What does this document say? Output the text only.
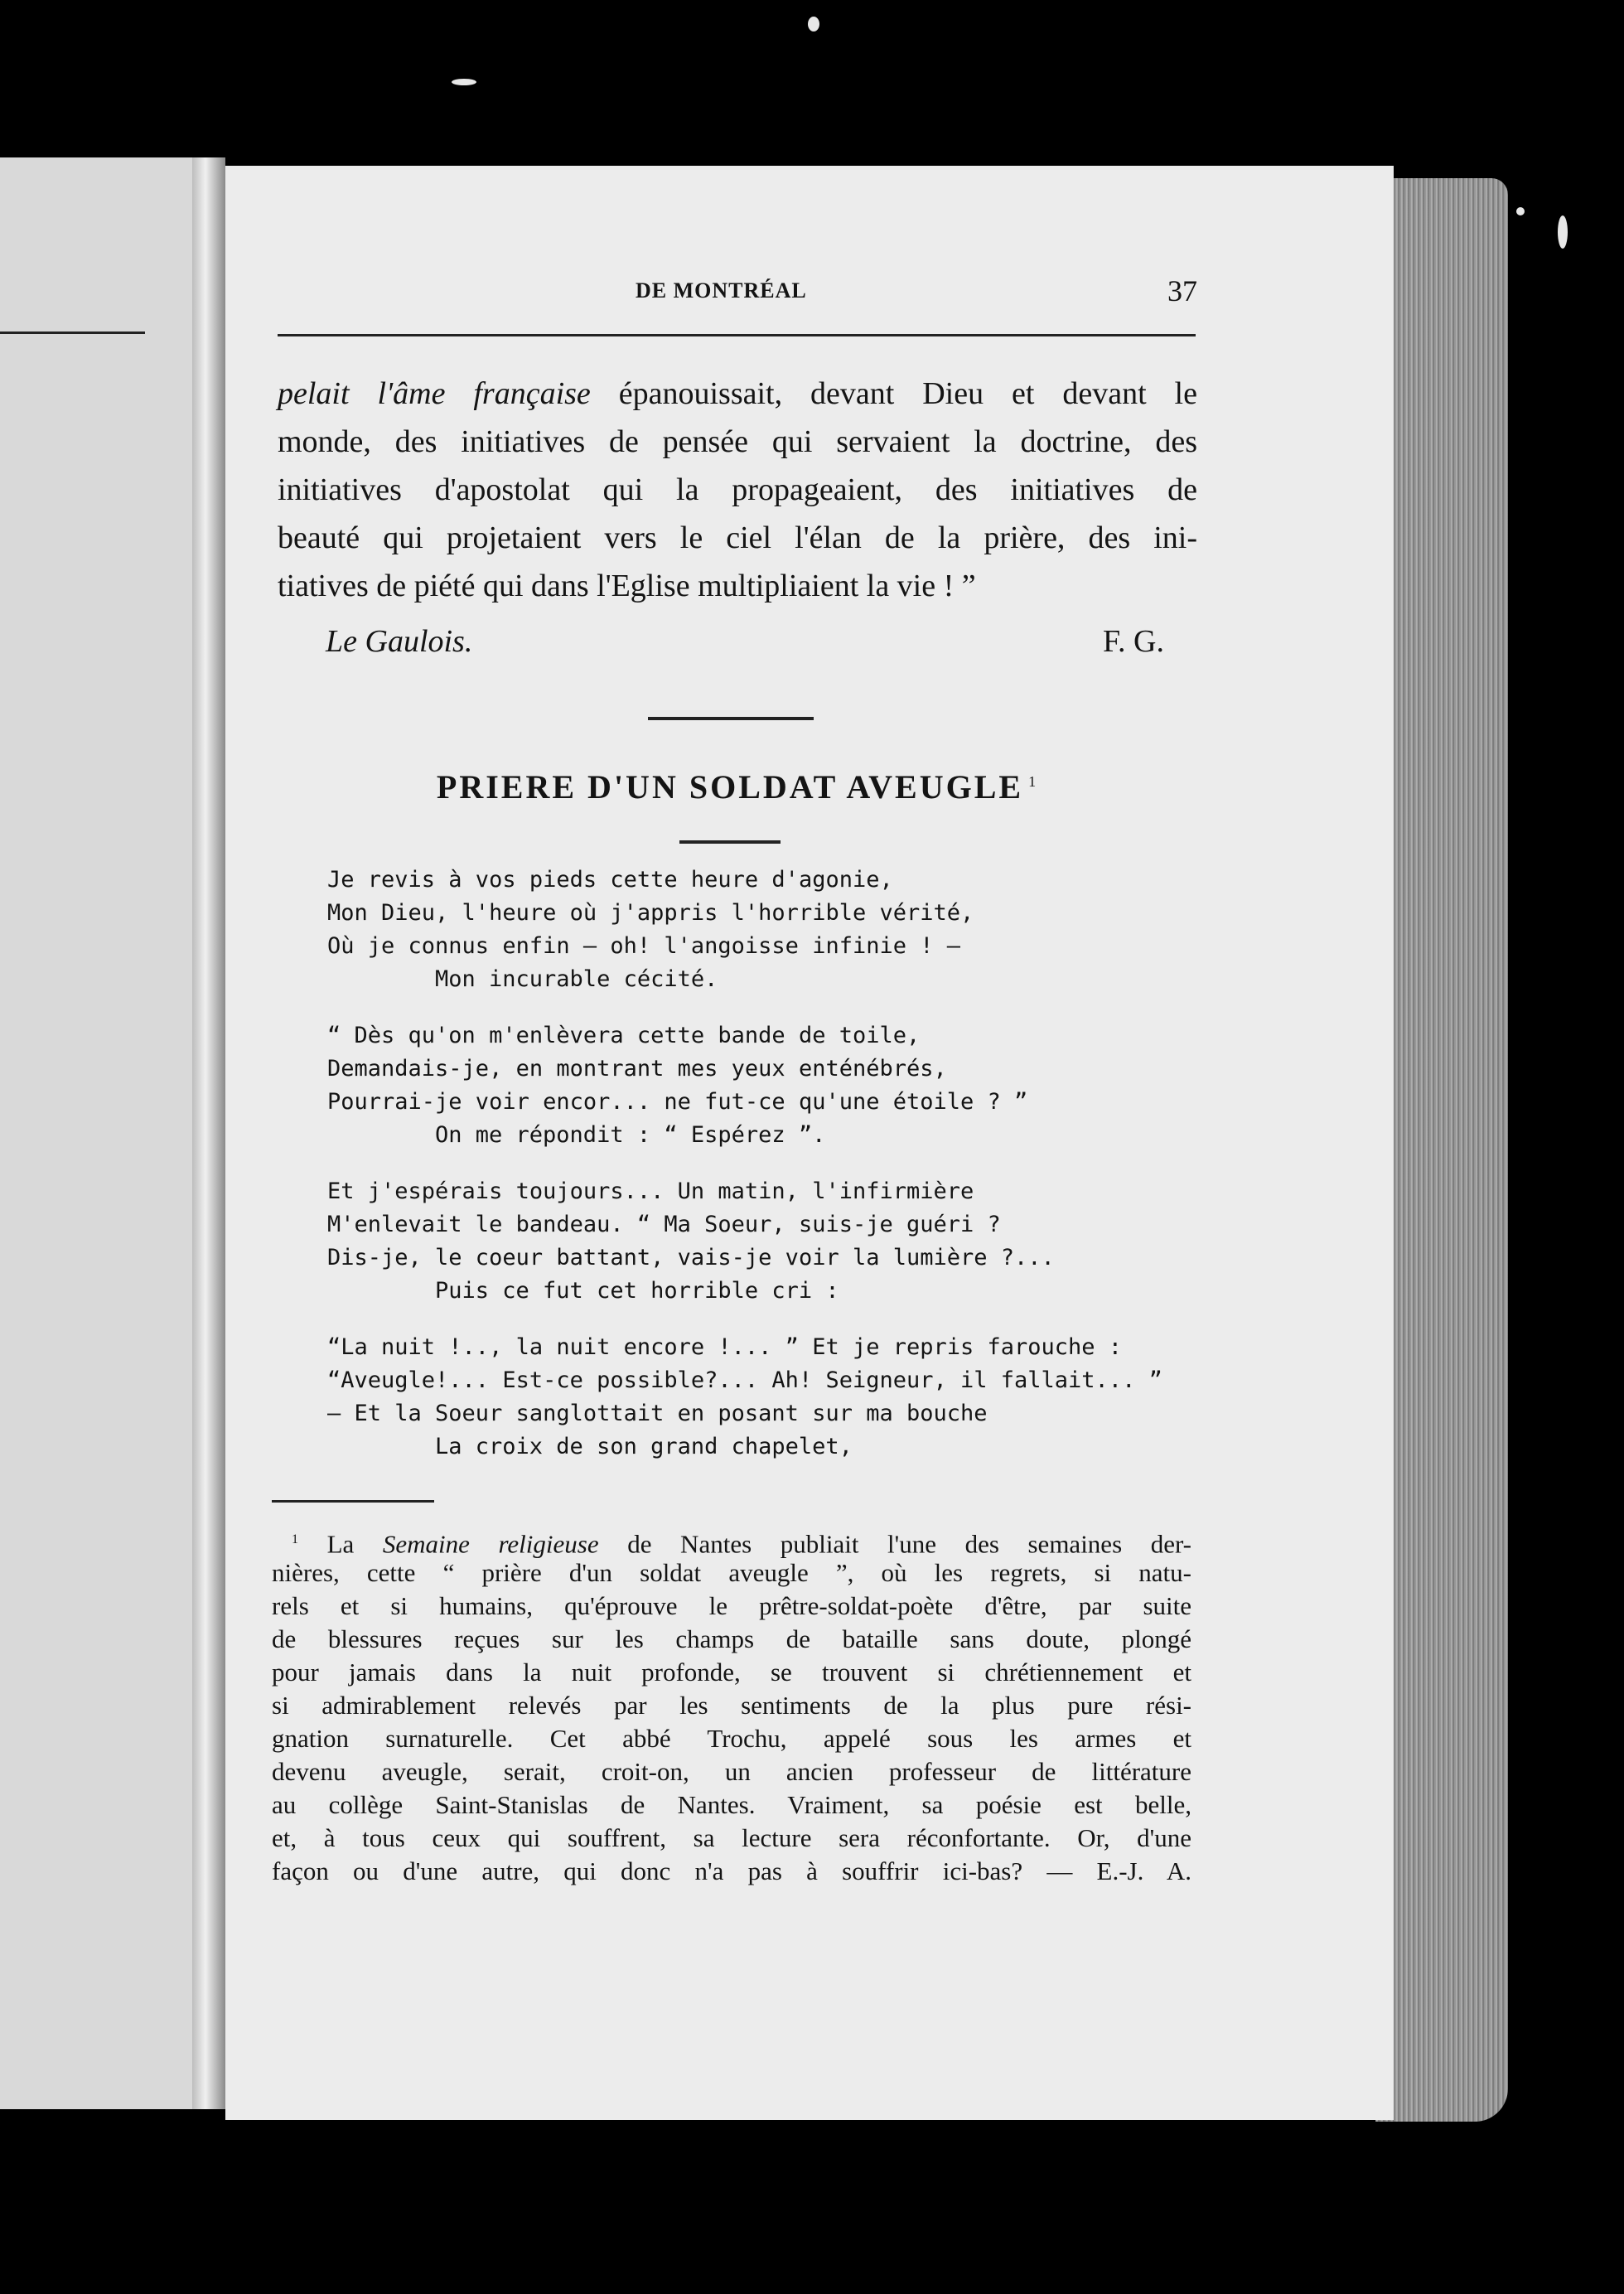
DE MONTRÉAL	37
pelait l'âme française épanouissait, devant Dieu et devant le
monde, des initiatives de pensée qui servaient la doctrine, des
initiatives d'apostolat qui la propageaient, des initiatives de
beauté qui projetaient vers le ciel l'élan de la prière, des ini-
tiatives de piété qui dans l'Eglise multipliaient la vie ! ”
Le Gaulois.	F. G.
PRIERE D'UN SOLDAT AVEUGLE $^1$
Je revis à vos pieds cette heure d'agonie,
Mon Dieu, l'heure où j'appris l'horrible vérité,
Où je connus enfin — oh! l'angoisse infinie ! —
Mon incurable cécité.
“ Dès qu'on m'enlèvera cette bande de toile,
Demandais-je, en montrant mes yeux enténébrés,
Pourrai-je voir encor... ne fut-ce qu'une étoile ? ”
On me répondit : “ Espérez ”.
Et j'espérais toujours... Un matin, l'infirmière
M'enlevait le bandeau. “ Ma Soeur, suis-je guéri ?
Dis-je, le coeur battant, vais-je voir la lumière ?...
Puis ce fut cet horrible cri :
“La nuit !.., la nuit encore !... ” Et je repris farouche :
“Aveugle!... Est-ce possible?... Ah! Seigneur, il fallait... ”
— Et la Soeur sanglottait en posant sur ma bouche
La croix de son grand chapelet,
$^1$ La Semaine religieuse de Nantes publiait l'une des semaines der-
nières, cette “ prière d'un soldat aveugle ”, où les regrets, si natu-
rels et si humains, qu'éprouve le prêtre-soldat-poète d'être, par suite
de blessures reçues sur les champs de bataille sans doute, plongé
pour jamais dans la nuit profonde, se trouvent si chrétiennement et
si admirablement relevés par les sentiments de la plus pure rési-
gnation surnaturelle. Cet abbé Trochu, appelé sous les armes et
devenu aveugle, serait, croit-on, un ancien professeur de littérature
au collège Saint-Stanislas de Nantes. Vraiment, sa poésie est belle,
et, à tous ceux qui souffrent, sa lecture sera réconfortante. Or, d'une
façon ou d'une autre, qui donc n'a pas à souffrir ici-bas? — E.-J. A.
